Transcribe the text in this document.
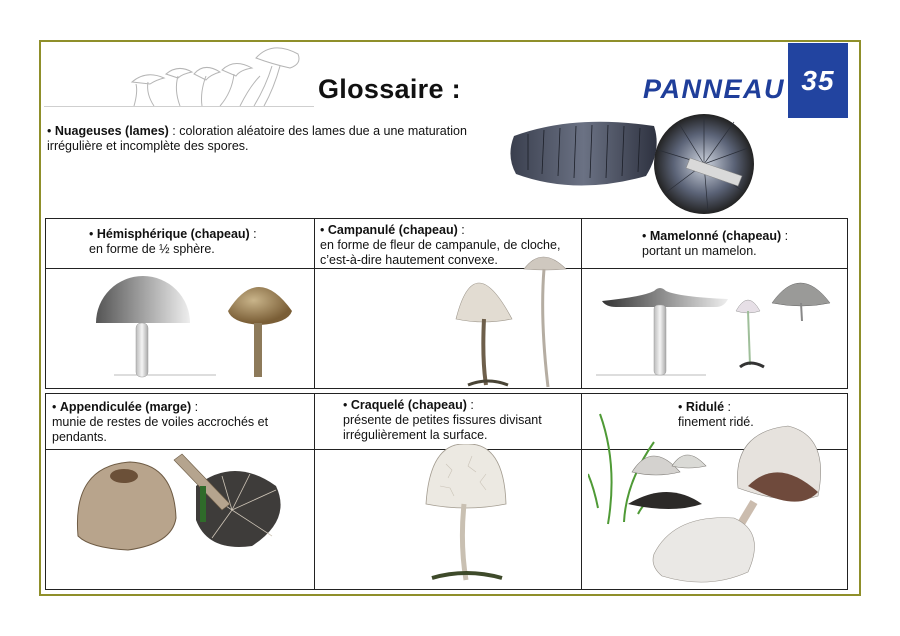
Glossaire :	PANNEAU 35
• Nuageuses (lames) : coloration aléatoire des lames due a une maturation irrégulière et incomplète des spores.
• Hémisphérique (chapeau) :
en forme de ½ sphère.
• Campanulé (chapeau) :
en forme de fleur de campanule, de cloche, c’est-à-dire hautement convexe.
• Mamelonné (chapeau) :
portant un mamelon.
• Appendiculée (marge) :
munie de restes de voiles accrochés et pendants.
• Craquelé (chapeau) :
présente de petites fissures divisant irrégulièrement la surface.
• Ridulé :
finement ridé.
